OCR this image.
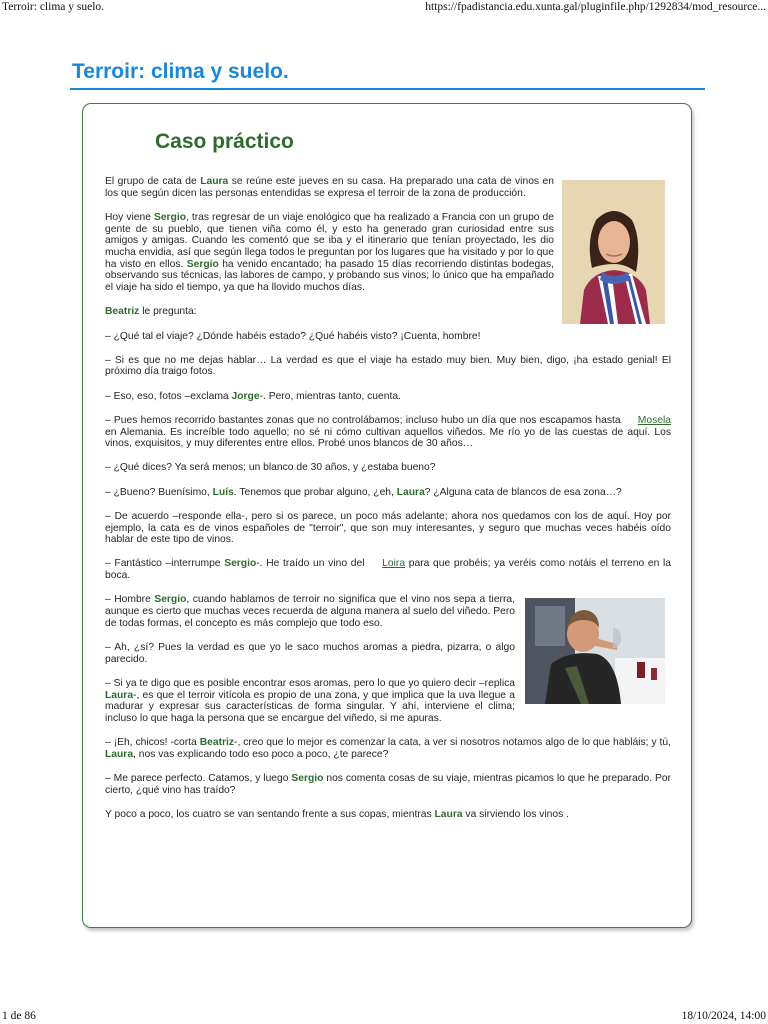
Terroir: clima y suelo.	https://fpadistancia.edu.xunta.gal/pluginfile.php/1292834/mod_resource...
Terroir: clima y suelo.
Caso práctico

El grupo de cata de Laura se reúne este jueves en su casa. Ha preparado una cata de vinos en los que según dicen las personas entendidas se expresa el terroir de la zona de producción.

Hoy viene Sergio, tras regresar de un viaje enológico que ha realizado a Francia con un grupo de gente de su pueblo, que tienen viña como él, y esto ha generado gran curiosidad entre sus amigos y amigas. Cuando les comentó que se iba y el itinerario que tenían proyectado, les dio mucha envidia, así que según llega todos le preguntan por los lugares que ha visitado y por lo que ha visto en ellos. Sergio ha venido encantado; ha pasado 15 días recorriendo distintas bodegas, observando sus técnicas, las labores de campo, y probando sus vinos; lo único que ha empañado el viaje ha sido el tiempo, ya que ha llovido muchos días.

Beatriz le pregunta:

– ¿Qué tal el viaje? ¿Dónde habéis estado? ¿Qué habéis visto? ¡Cuenta, hombre!

– Si es que no me dejas hablar… La verdad es que el viaje ha estado muy bien. Muy bien, digo, ¡ha estado genial! El próximo día traigo fotos.

– Eso, eso, fotos –exclama Jorge-. Pero, mientras tanto, cuenta.

– Pues hemos recorrido bastantes zonas que no controlábamos; incluso hubo un día que nos escapamos hasta Mosela en Alemania. Es increíble todo aquello; no sé ni cómo cultivan aquellos viñedos. Me río yo de las cuestas de aquí. Los vinos, exquisitos, y muy diferentes entre ellos. Probé unos blancos de 30 años…

– ¿Qué dices? Ya será menos; un blanco de 30 años, y ¿estaba bueno?

– ¿Bueno? Buenísimo, Luís. Tenemos que probar alguno, ¿eh, Laura? ¿Alguna cata de blancos de esa zona…?

– De acuerdo –responde ella-, pero si os parece, un poco más adelante; ahora nos quedamos con los de aquí. Hoy por ejemplo, la cata es de vinos españoles de "terroir", que son muy interesantes, y seguro que muchas veces habéis oído hablar de este tipo de vinos.

– Fantástico –interrumpe Sergio-. He traído un vino del Loira para que probéis; ya veréis como notáis el terreno en la boca.

– Hombre Sergio, cuando hablamos de terroir no significa que el vino nos sepa a tierra, aunque es cierto que muchas veces recuerda de alguna manera al suelo del viñedo. Pero de todas formas, el concepto es más complejo que todo eso.

– Ah, ¿sí? Pues la verdad es que yo le saco muchos aromas a piedra, pizarra, o algo parecido.

– Si ya te digo que es posible encontrar esos aromas, pero lo que yo quiero decir –replica Laura-, es que el terroir vitícola es propio de una zona, y que implica que la uva llegue a madurar y expresar sus características de forma singular. Y ahí, interviene el clima; incluso lo que haga la persona que se encargue del viñedo, si me apuras.

– ¡Eh, chicos! -corta Beatriz-, creo que lo mejor es comenzar la cata, a ver si nosotros notamos algo de lo que habláis; y tú, Laura, nos vas explicando todo eso poco a poco, ¿te parece?

– Me parece perfecto. Catamos, y luego Sergio nos comenta cosas de su viaje, mientras picamos lo que he preparado. Por cierto, ¿qué vino has traído?

Y poco a poco, los cuatro se van sentando frente a sus copas, mientras Laura va sirviendo los vinos .

1 de 86	18/10/2024, 14:00
